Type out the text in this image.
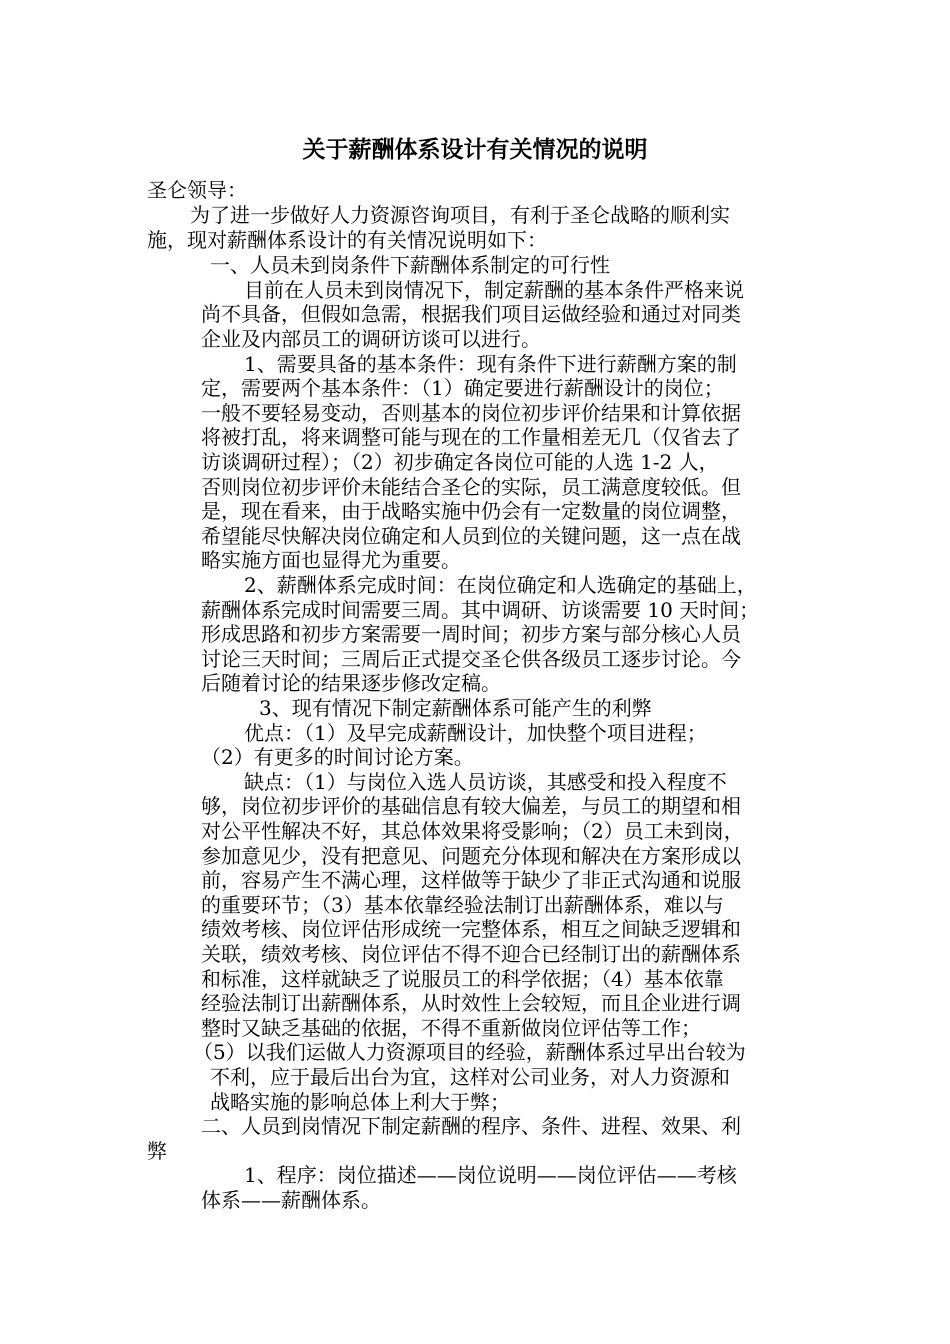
关于薪酬体系设计有关情况的说明
圣仑领导：
为了进一步做好人力资源咨询项目，有利于圣仑战略的顺利实
施，现对薪酬体系设计的有关情况说明如下：
一、人员未到岗条件下薪酬体系制定的可行性
目前在人员未到岗情况下，制定薪酬的基本条件严格来说
尚不具备，但假如急需，根据我们项目运做经验和通过对同类
企业及内部员工的调研访谈可以进行。
1、需要具备的基本条件：现有条件下进行薪酬方案的制
定，需要两个基本条件：（1）确定要进行薪酬设计的岗位；
一般不要轻易变动，否则基本的岗位初步评价结果和计算依据
将被打乱，将来调整可能与现在的工作量相差无几（仅省去了
访谈调研过程）；（2）初步确定各岗位可能的人选 1-2 人，
否则岗位初步评价未能结合圣仑的实际，员工满意度较低。但
是，现在看来，由于战略实施中仍会有一定数量的岗位调整，
希望能尽快解决岗位确定和人员到位的关键问题，这一点在战
略实施方面也显得尤为重要。
2、薪酬体系完成时间：在岗位确定和人选确定的基础上，
薪酬体系完成时间需要三周。其中调研、访谈需要 10 天时间；
形成思路和初步方案需要一周时间；初步方案与部分核心人员
讨论三天时间；三周后正式提交圣仑供各级员工逐步讨论。今
后随着讨论的结果逐步修改定稿。
3、现有情况下制定薪酬体系可能产生的利弊
优点：（1）及早完成薪酬设计，加快整个项目进程；
（2）有更多的时间讨论方案。
缺点：（1）与岗位入选人员访谈，其感受和投入程度不
够，岗位初步评价的基础信息有较大偏差，与员工的期望和相
对公平性解决不好，其总体效果将受影响；（2）员工未到岗，
参加意见少，没有把意见、问题充分体现和解决在方案形成以
前，容易产生不满心理，这样做等于缺少了非正式沟通和说服
的重要环节；（3）基本依靠经验法制订出薪酬体系，难以与
绩效考核、岗位评估形成统一完整体系，相互之间缺乏逻辑和
关联，绩效考核、岗位评估不得不迎合已经制订出的薪酬体系
和标准，这样就缺乏了说服员工的科学依据；（4）基本依靠
经验法制订出薪酬体系，从时效性上会较短，而且企业进行调
整时又缺乏基础的依据，不得不重新做岗位评估等工作；
（5）以我们运做人力资源项目的经验，薪酬体系过早出台较为
不利，应于最后出台为宜，这样对公司业务，对人力资源和
战略实施的影响总体上利大于弊；
二、人员到岗情况下制定薪酬的程序、条件、进程、效果、利
弊
1、程序：岗位描述——岗位说明——岗位评估——考核
体系——薪酬体系。
